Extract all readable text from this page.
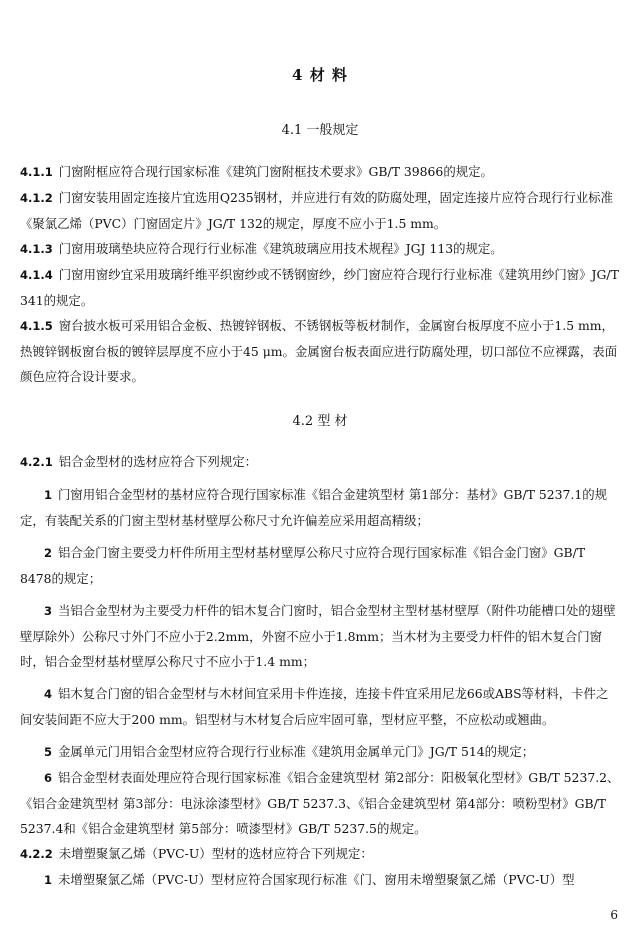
4 材 料
4.1 一般规定

4.1.1 门窗附框应符合现行国家标准《建筑门窗附框技术要求》GB/T 39866的规定。

4.1.2 门窗安装用固定连接片宜选用Q235钢材，并应进行有效的防腐处理，固定连接片应符合现行行业标准《聚氯乙烯（PVC）门窗固定片》JG/T 132的规定，厚度不应小于1.5 mm。

4.1.3 门窗用玻璃垫块应符合现行行业标准《建筑玻璃应用技术规程》JGJ 113的规定。

4.1.4 门窗用窗纱宜采用玻璃纤维平织窗纱或不锈钢窗纱，纱门窗应符合现行行业标准《建筑用纱门窗》JG/T 341的规定。

4.1.5 窗台披水板可采用铝合金板、热镀锌钢板、不锈钢板等板材制作，金属窗台板厚度不应小于1.5 mm，热镀锌钢板窗台板的镀锌层厚度不应小于45 μm。金属窗台板表面应进行防腐处理，切口部位不应裸露，表面颜色应符合设计要求。

4.2 型 材

4.2.1 铝合金型材的选材应符合下列规定：

1 门窗用铝合金型材的基材应符合现行国家标准《铝合金建筑型材 第1部分：基材》GB/T 5237.1的规定，有装配关系的门窗主型材基材壁厚公称尺寸允许偏差应采用超高精级；

2 铝合金门窗主要受力杆件所用主型材基材壁厚公称尺寸应符合现行国家标准《铝合金门窗》GB/T 8478的规定；

3 当铝合金型材为主要受力杆件的铝木复合门窗时，铝合金型材主型材基材壁厚（附件功能槽口处的翅壁壁厚除外）公称尺寸外门不应小于2.2mm，外窗不应小于1.8mm；当木材为主要受力杆件的铝木复合门窗时，铝合金型材基材壁厚公称尺寸不应小于1.4 mm；

4 铝木复合门窗的铝合金型材与木材间宜采用卡件连接，连接卡件宜采用尼龙66或ABS等材料，卡件之间安装间距不应大于200 mm。铝型材与木材复合后应牢固可靠，型材应平整，不应松动或翘曲。

5 金属单元门用铝合金型材应符合现行行业标准《建筑用金属单元门》JG/T 514的规定；

6 铝合金型材表面处理应符合现行国家标准《铝合金建筑型材 第2部分：阳极氧化型材》GB/T 5237.2、《铝合金建筑型材 第3部分：电泳涂漆型材》GB/T 5237.3、《铝合金建筑型材 第4部分：喷粉型材》GB/T 5237.4和《铝合金建筑型材 第5部分：喷漆型材》GB/T 5237.5的规定。

4.2.2 未增塑聚氯乙烯（PVC-U）型材的选材应符合下列规定：

1 未增塑聚氯乙烯（PVC-U）型材应符合国家现行标准《门、窗用未增塑聚氯乙烯（PVC-U）型

6
